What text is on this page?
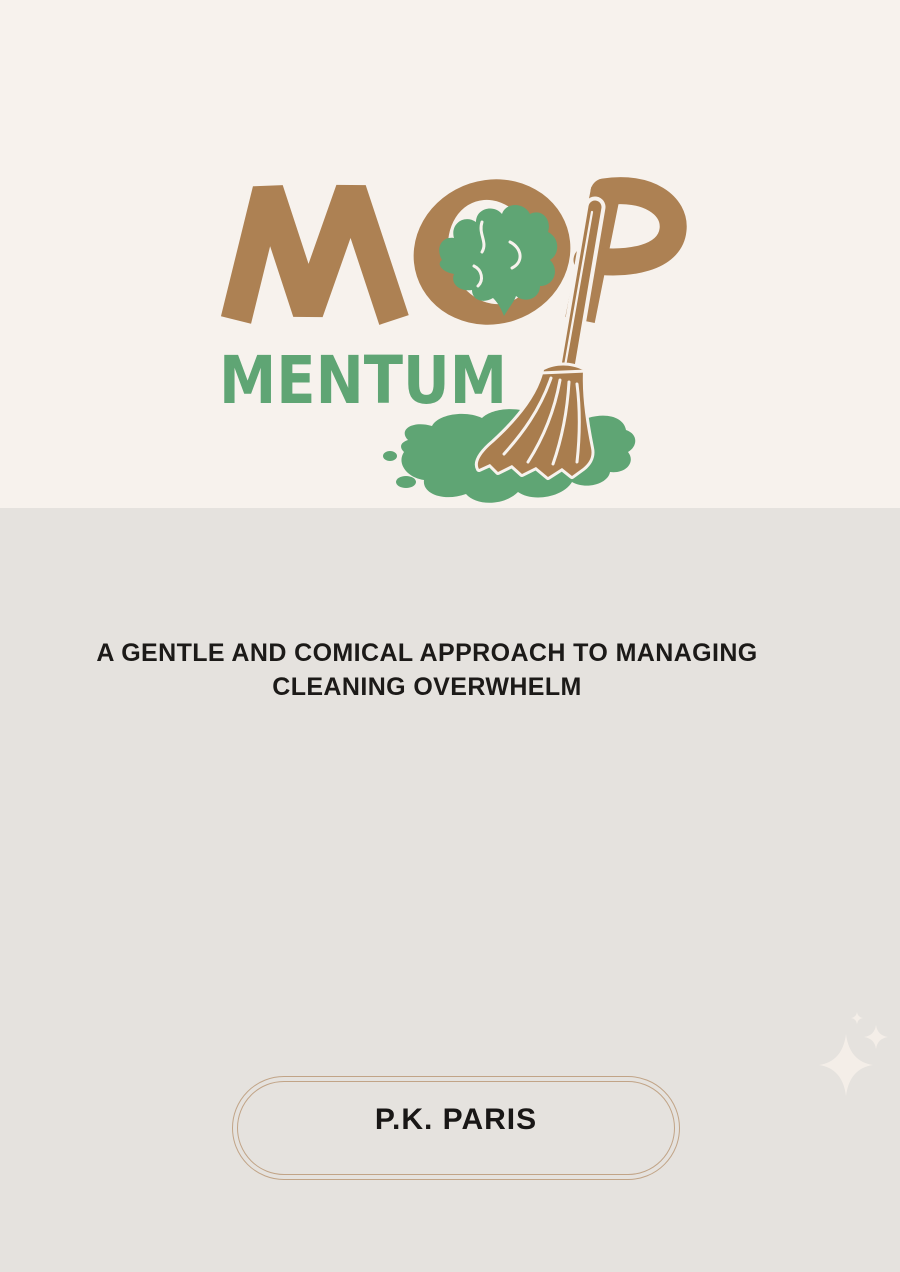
MENTUM
A GENTLE AND COMICAL APPROACH TO MANAGING
CLEANING OVERWHELM
P.K. PARIS
